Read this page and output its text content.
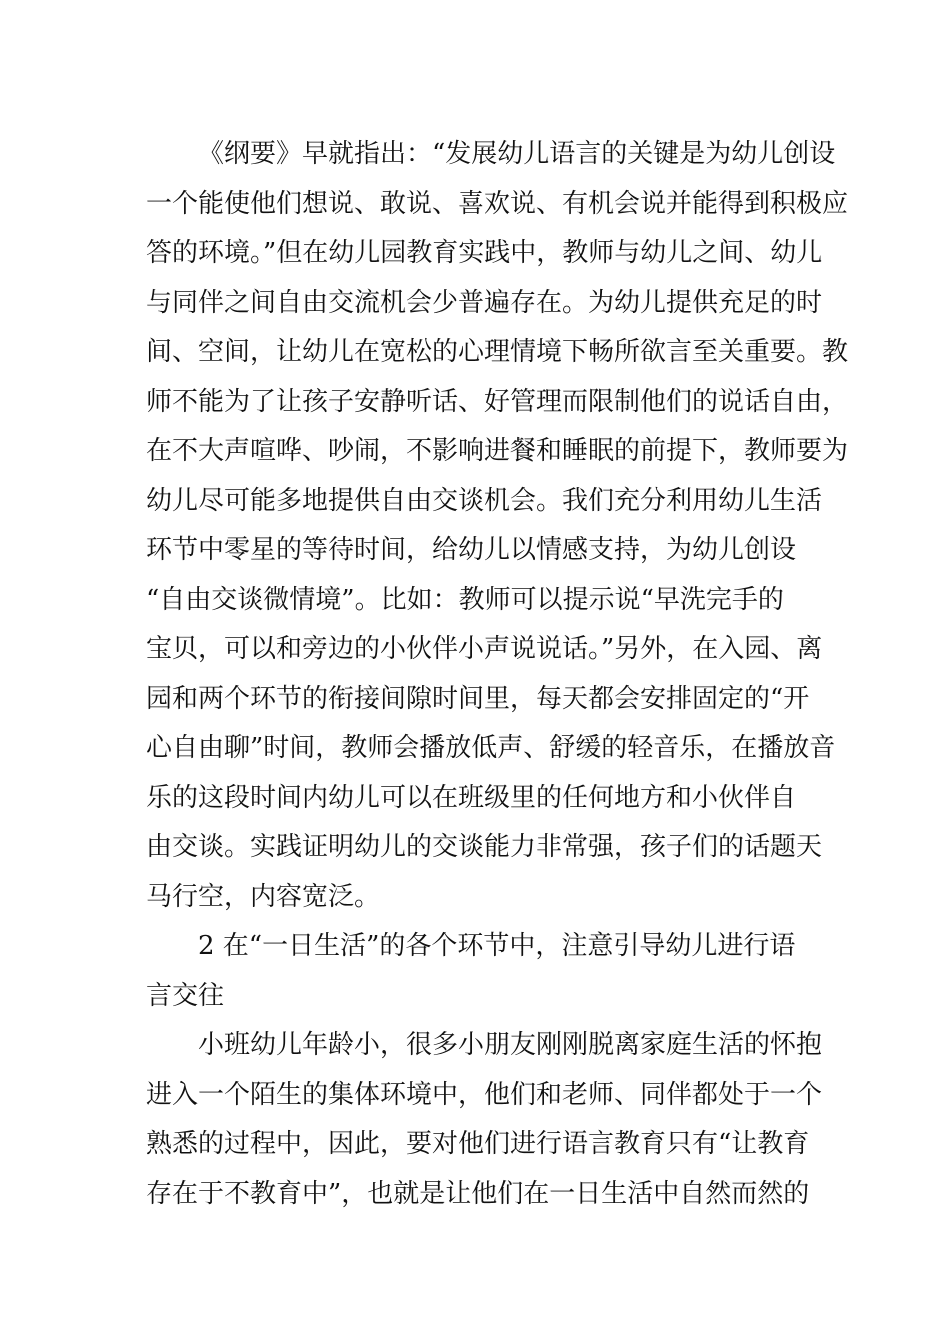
《纲要》早就指出：“发展幼儿语言的关键是为幼儿创设
一个能使他们想说、敢说、喜欢说、有机会说并能得到积极应
答的环境。”但在幼儿园教育实践中，教师与幼儿之间、幼儿
与同伴之间自由交流机会少普遍存在。为幼儿提供充足的时
间、空间，让幼儿在宽松的心理情境下畅所欲言至关重要。教
师不能为了让孩子安静听话、好管理而限制他们的说话自由，
在不大声喧哗、吵闹，不影响进餐和睡眠的前提下，教师要为
幼儿尽可能多地提供自由交谈机会。我们充分利用幼儿生活
环节中零星的等待时间，给幼儿以情感支持，为幼儿创设
“自由交谈微情境”。比如：教师可以提示说“早洗完手的
宝贝，可以和旁边的小伙伴小声说说话。”另外，在入园、离
园和两个环节的衔接间隙时间里，每天都会安排固定的“开
心自由聊”时间，教师会播放低声、舒缓的轻音乐，在播放音
乐的这段时间内幼儿可以在班级里的任何地方和小伙伴自
由交谈。实践证明幼儿的交谈能力非常强，孩子们的话题天
马行空，内容宽泛。
2 在“一日生活”的各个环节中，注意引导幼儿进行语
言交往
小班幼儿年龄小，很多小朋友刚刚脱离家庭生活的怀抱
进入一个陌生的集体环境中，他们和老师、同伴都处于一个
熟悉的过程中，因此，要对他们进行语言教育只有“让教育
存在于不教育中”，也就是让他们在一日生活中自然而然的
